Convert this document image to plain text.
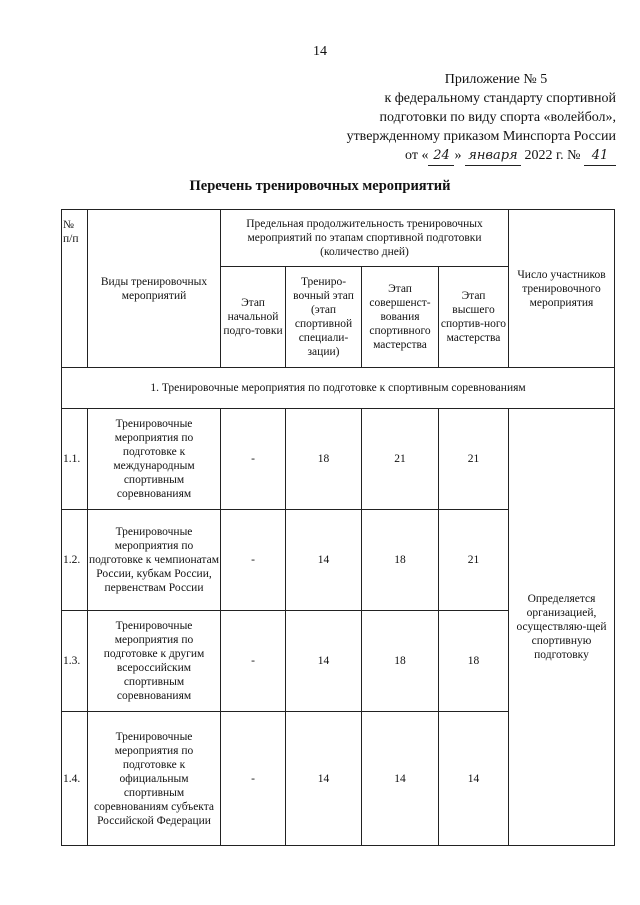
14
Приложение № 5
к федеральному стандарту спортивной
подготовки по виду спорта «волейбол»,
утвержденному приказом Минспорта России
от « 24 » января 2022 г. № 41
Перечень тренировочных мероприятий
№ п/п	Виды тренировочных мероприятий	Предельная продолжительность тренировочных мероприятий по этапам спортивной подготовки (количество дней)				Число участников тренировочного мероприятия
		Этап начальной подго-товки	Трениро-вочный этап (этап спортивной специали-зации)	Этап совершенст-вования спортивного мастерства	Этап высшего спортив-ного мастерства	
1. Тренировочные мероприятия по подготовке к спортивным соревнованиям						
1.1.	Тренировочные мероприятия по подготовке к международным спортивным соревнованиям	-	18	21	21	Определяется организацией, осуществляю-щей спортивную подготовку
1.2.	Тренировочные мероприятия по подготовке к чемпионатам России, кубкам России, первенствам России	-	14	18	21	
1.3.	Тренировочные мероприятия по подготовке к другим всероссийским спортивным соревнованиям	-	14	18	18	
1.4.	Тренировочные мероприятия по подготовке к официальным спортивным соревнованиям субъекта Российской Федерации	-	14	14	14	
